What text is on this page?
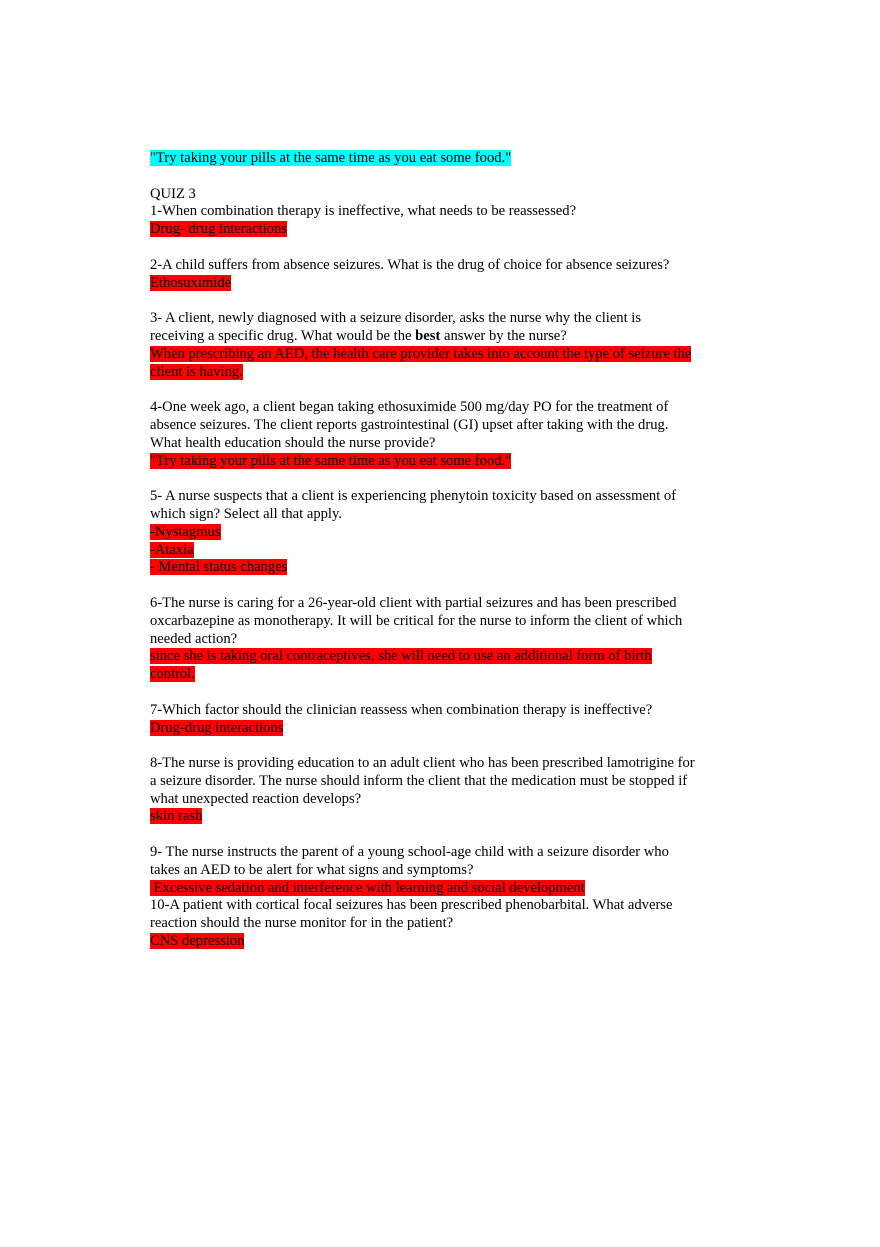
"Try taking your pills at the same time as you eat some food."
QUIZ 3
1-When combination therapy is ineffective, what needs to be reassessed?
Drug- drug interactions
2-A child suffers from absence seizures. What is the drug of choice for absence seizures?
Ethosuximide
3- A client, newly diagnosed with a seizure disorder, asks the nurse why the client is
receiving a specific drug. What would be the best answer by the nurse?
When prescribing an AED, the health care provider takes into account the type of seizure the
client is having.
4-One week ago, a client began taking ethosuximide 500 mg/day PO for the treatment of
absence seizures. The client reports gastrointestinal (GI) upset after taking with the drug.
What health education should the nurse provide?
"Try taking your pills at the same time as you eat some food."
5- A nurse suspects that a client is experiencing phenytoin toxicity based on assessment of
which sign? Select all that apply.
-Nystagmus
-Ataxia
- Mental status changes
6-The nurse is caring for a 26-year-old client with partial seizures and has been prescribed
oxcarbazepine as monotherapy. It will be critical for the nurse to inform the client of which
needed action?
since she is taking oral contraceptives, she will need to use an additional form of birth
control.
7-Which factor should the clinician reassess when combination therapy is ineffective?
Drug-drug interactions
8-The nurse is providing education to an adult client who has been prescribed lamotrigine for
a seizure disorder. The nurse should inform the client that the medication must be stopped if
what unexpected reaction develops?
skin rash
9- The nurse instructs the parent of a young school-age child with a seizure disorder who
takes an AED to be alert for what signs and symptoms?
Excessive sedation and interference with learning and social development
10-A patient with cortical focal seizures has been prescribed phenobarbital. What adverse
reaction should the nurse monitor for in the patient?
CNS depression
